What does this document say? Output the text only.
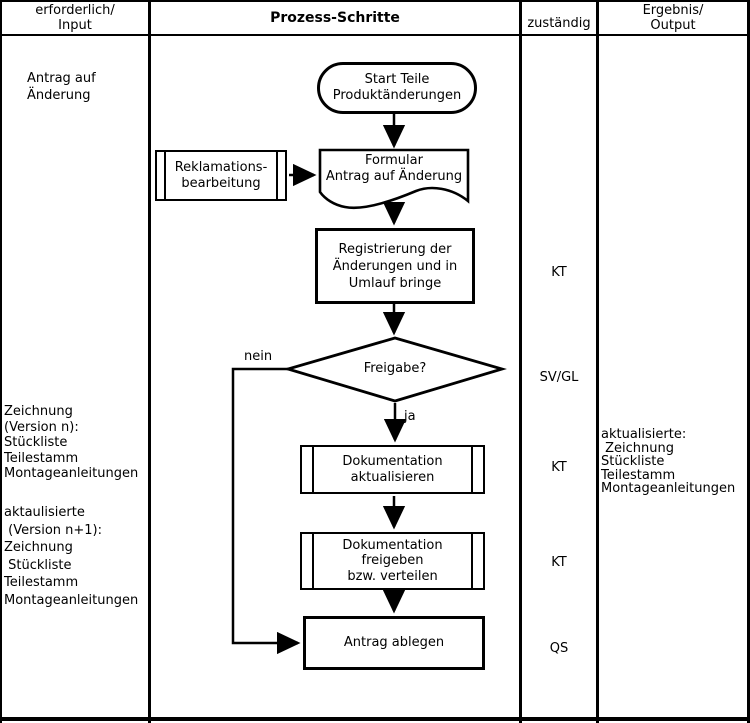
erforderlich/
Input	Prozess-Schritte	zuständig
Ergebnis/
Output
Antrag auf
Änderung
Zeichnung
(Version n):
Stückliste
Teilestamm
Montageanleitungen
aktaulisierte
(Version n+1):
Zeichnung
Stückliste
Teilestamm
Montageanleitungen
aktualisierte:
Zeichnung
Stückliste
Teilestamm
Montageanleitungen
KT
SV/GL
KT
KT
QS
Start Teile
Produktänderungen
Reklamations-
bearbeitung
Formular
Antrag auf Änderung
Registrierung der
Änderungen und in
Umlauf bringe
Freigabe?
nein
ja
Dokumentation
aktualisieren
Dokumentation
freigeben
bzw. verteilen
Antrag ablegen
